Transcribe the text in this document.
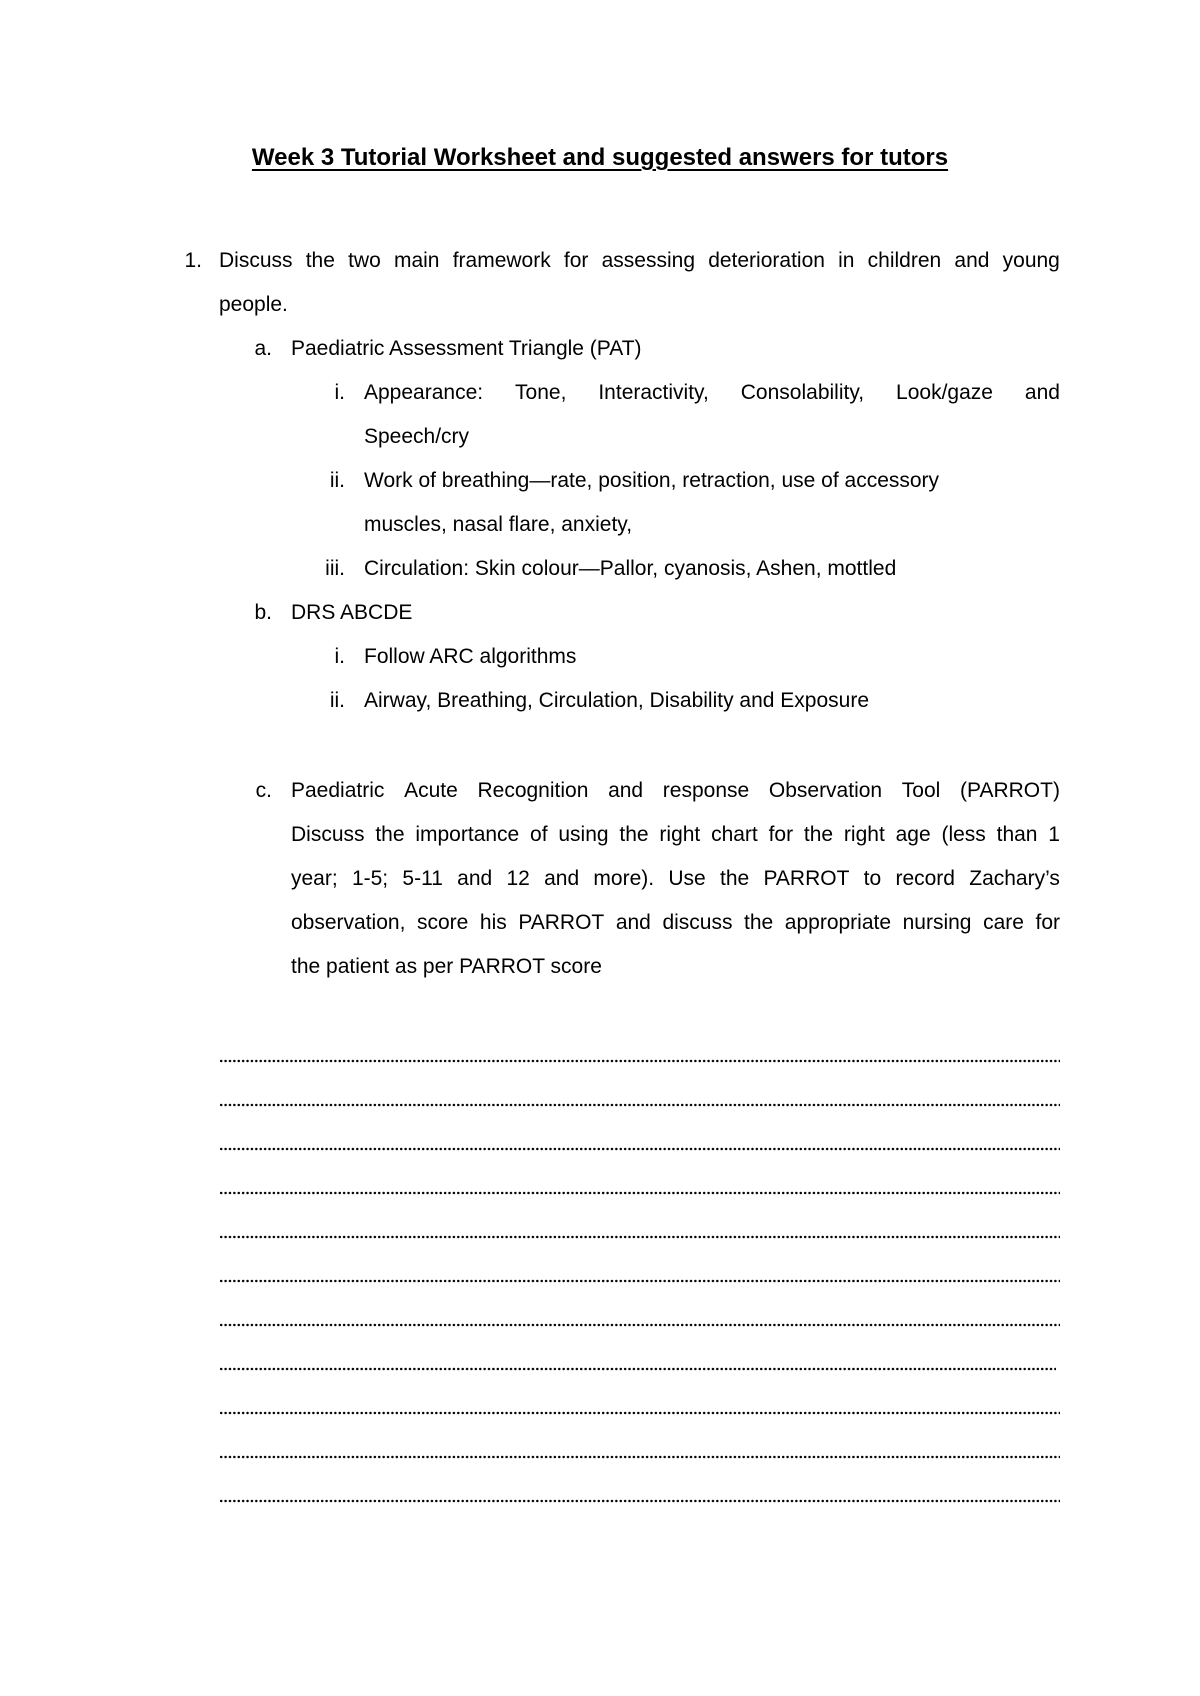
Week 3 Tutorial Worksheet and suggested answers for tutors
1. Discuss the two main framework for assessing deterioration in children and young
people.
a. Paediatric Assessment Triangle (PAT)
i. Appearance: Tone, Interactivity, Consolability, Look/gaze and
Speech/cry
ii. Work of breathing—rate, position, retraction, use of accessory
muscles, nasal flare, anxiety,
iii. Circulation: Skin colour—Pallor, cyanosis, Ashen, mottled
b. DRS ABCDE
i. Follow ARC algorithms
ii. Airway, Breathing, Circulation, Disability and Exposure
c. Paediatric Acute Recognition and response Observation Tool (PARROT)
Discuss the importance of using the right chart for the right age (less than 1
year; 1-5; 5-11 and 12 and more). Use the PARROT to record Zachary’s
observation, score his PARROT and discuss the appropriate nursing care for
the patient as per PARROT score
